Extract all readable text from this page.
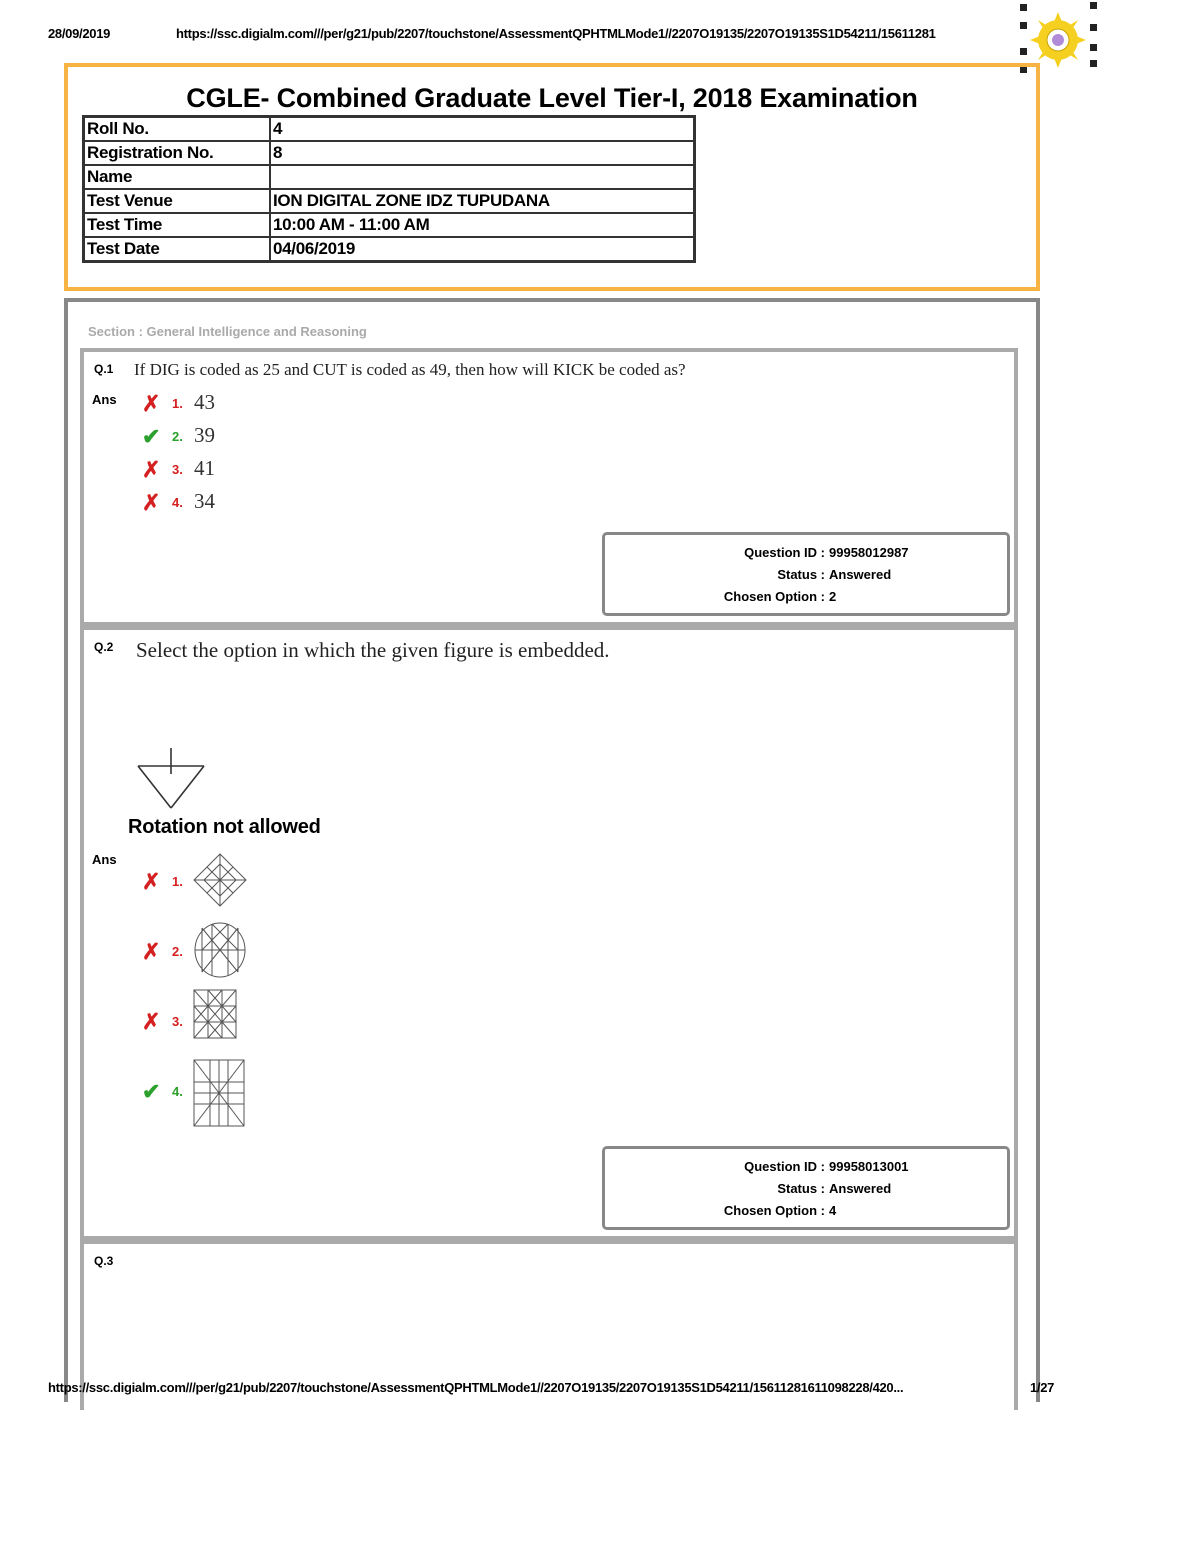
28/09/2019	https://ssc.digialm.com///per/g21/pub/2207/touchstone/AssessmentQPHTMLMode1//2207O19135/2207O19135S1D54211/15611281
CGLE- Combined Graduate Level Tier-I, 2018 Examination
Roll No.	4
Registration No.	8
Name	
Test Venue	ION DIGITAL ZONE IDZ TUPUDANA
Test Time	10:00 AM - 11:00 AM
Test Date	04/06/2019
Section : General Intelligence and Reasoning
Q.1 If DIG is coded as 25 and CUT is coded as 49, then how will KICK be coded as?
Ans ✗ 1. 43
✔ 2. 39
✗ 3. 41
✗ 4. 34
Question ID : 99958012987
Status : Answered
Chosen Option : 2
Q.2 Select the option in which the given figure is embedded.
Rotation not allowed
Ans
✗ 1.
✗ 2.
✗ 3.
✔ 4.
Question ID : 99958013001
Status : Answered
Chosen Option : 4
Q.3
https://ssc.digialm.com///per/g21/pub/2207/touchstone/AssessmentQPHTMLMode1//2207O19135/2207O19135S1D54211/15611281611098228/420...	1/27
